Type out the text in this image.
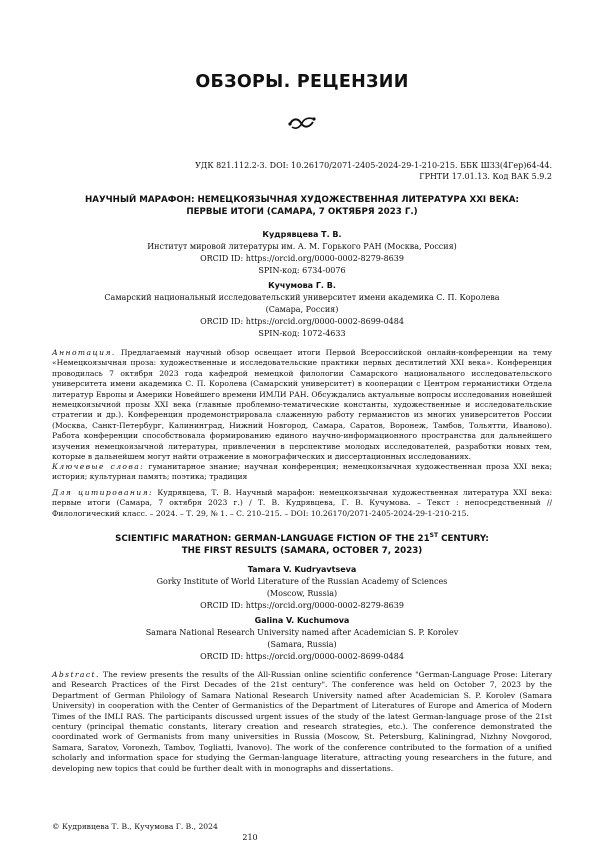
ОБЗОРЫ. РЕЦЕНЗИИ
УДК 821.112.2-3. DOI: 10.26170/2071-2405-2024-29-1-210-215. ББК Ш33(4Гер)64-44.
ГРНТИ 17.01.13. Код ВАК 5.9.2
НАУЧНЫЙ МАРАФОН: НЕМЕЦКОЯЗЫЧНАЯ ХУДОЖЕСТВЕННАЯ ЛИТЕРАТУРА XXI ВЕКА:
ПЕРВЫЕ ИТОГИ (САМАРА, 7 ОКТЯБРЯ 2023 Г.)
Кудрявцева Т. В.
Институт мировой литературы им. А. М. Горького РАН (Москва, Россия)
ORCID ID: https://orcid.org/0000-0002-8279-8639
SPIN-код: 6734-0076
Кучумова Г. В.
Самарский национальный исследовательский университет имени академика С. П. Королева
(Самара, Россия)
ORCID ID: https://orcid.org/0000-0002-8699-0484
SPIN-код: 1072-4633
Аннотация. Предлагаемый научный обзор освещает итоги Первой Всероссийской онлайн-конференции на тему «Немецкоязычная проза: художественные и исследовательские практики первых десятилетий XXI века». Конференция проводилась 7 октября 2023 года кафедрой немецкой филологии Самарского национального исследовательского университета имени академика С. П. Королева (Самарский университет) в кооперации с Центром германистики Отдела литератур Европы и Америки Новейшего времени ИМЛИ РАН. Обсуждались актуальные вопросы исследования новейшей немецкоязычной прозы XXI века (главные проблемно-тематические константы, художественные и исследовательские стратегии и др.). Конференция продемонстрировала слаженную работу германистов из многих университетов России (Москва, Санкт-Петербург, Калининград, Нижний Новгород, Самара, Саратов, Воронеж, Тамбов, Тольятти, Иваново). Работа конференции способствовала формированию единого научно-информационного пространства для дальнейшего изучения немецкоязычной литературы, привлечения в перспективе молодых исследователей, разработки новых тем, которые в дальнейшем могут найти отражение в монографических и диссертационных исследованиях.
Ключевые слова: гуманитарное знание; научная конференция; немецкоязычная художественная проза XXI века; история; культурная память; поэтика; традиция
Для цитирования: Кудрявцева, Т. В. Научный марафон: немецкоязычная художественная литература XXI века: первые итоги (Самара, 7 октября 2023 г.) / Т. В. Кудрявцева, Г. В. Кучумова. – Текст : непосредственный // Филологический класс. – 2024. – Т. 29, № 1. – С. 210–215. – DOI: 10.26170/2071-2405-2024-29-1-210-215.
SCIENTIFIC MARATHON: GERMAN-LANGUAGE FICTION OF THE 21ST CENTURY:
THE FIRST RESULTS (SAMARA, OCTOBER 7, 2023)
Tamara V. Kudryavtseva
Gorky Institute of World Literature of the Russian Academy of Sciences
(Moscow, Russia)
ORCID ID: https://orcid.org/0000-0002-8279-8639
Galina V. Kuchumova
Samara National Research University named after Academician S. P. Korolev
(Samara, Russia)
ORCID ID: https://orcid.org/0000-0002-8699-0484
Abstract. The review presents the results of the All-Russian online scientific conference "German-Language Prose: Literary and Research Practices of the First Decades of the 21st century". The conference was held on October 7, 2023 by the Department of German Philology of Samara National Research University named after Academician S. P. Korolev (Samara University) in cooperation with the Center of Germanistics of the Department of Literatures of Europe and America of Modern Times of the IMLI RAS. The participants discussed urgent issues of the study of the latest German-language prose of the 21st century (principal thematic constants, literary creation and research strategies, etc.). The conference demonstrated the coordinated work of Germanists from many universities in Russia (Moscow, St. Petersburg, Kaliningrad, Nizhny Novgorod, Samara, Saratov, Voronezh, Tambov, Togliatti, Ivanovo). The work of the conference contributed to the formation of a unified scholarly and information space for studying the German-language literature, attracting young researchers in the future, and developing new topics that could be further dealt with in monographs and dissertations.
© Кудрявцева Т. В., Кучумова Г. В., 2024
210
